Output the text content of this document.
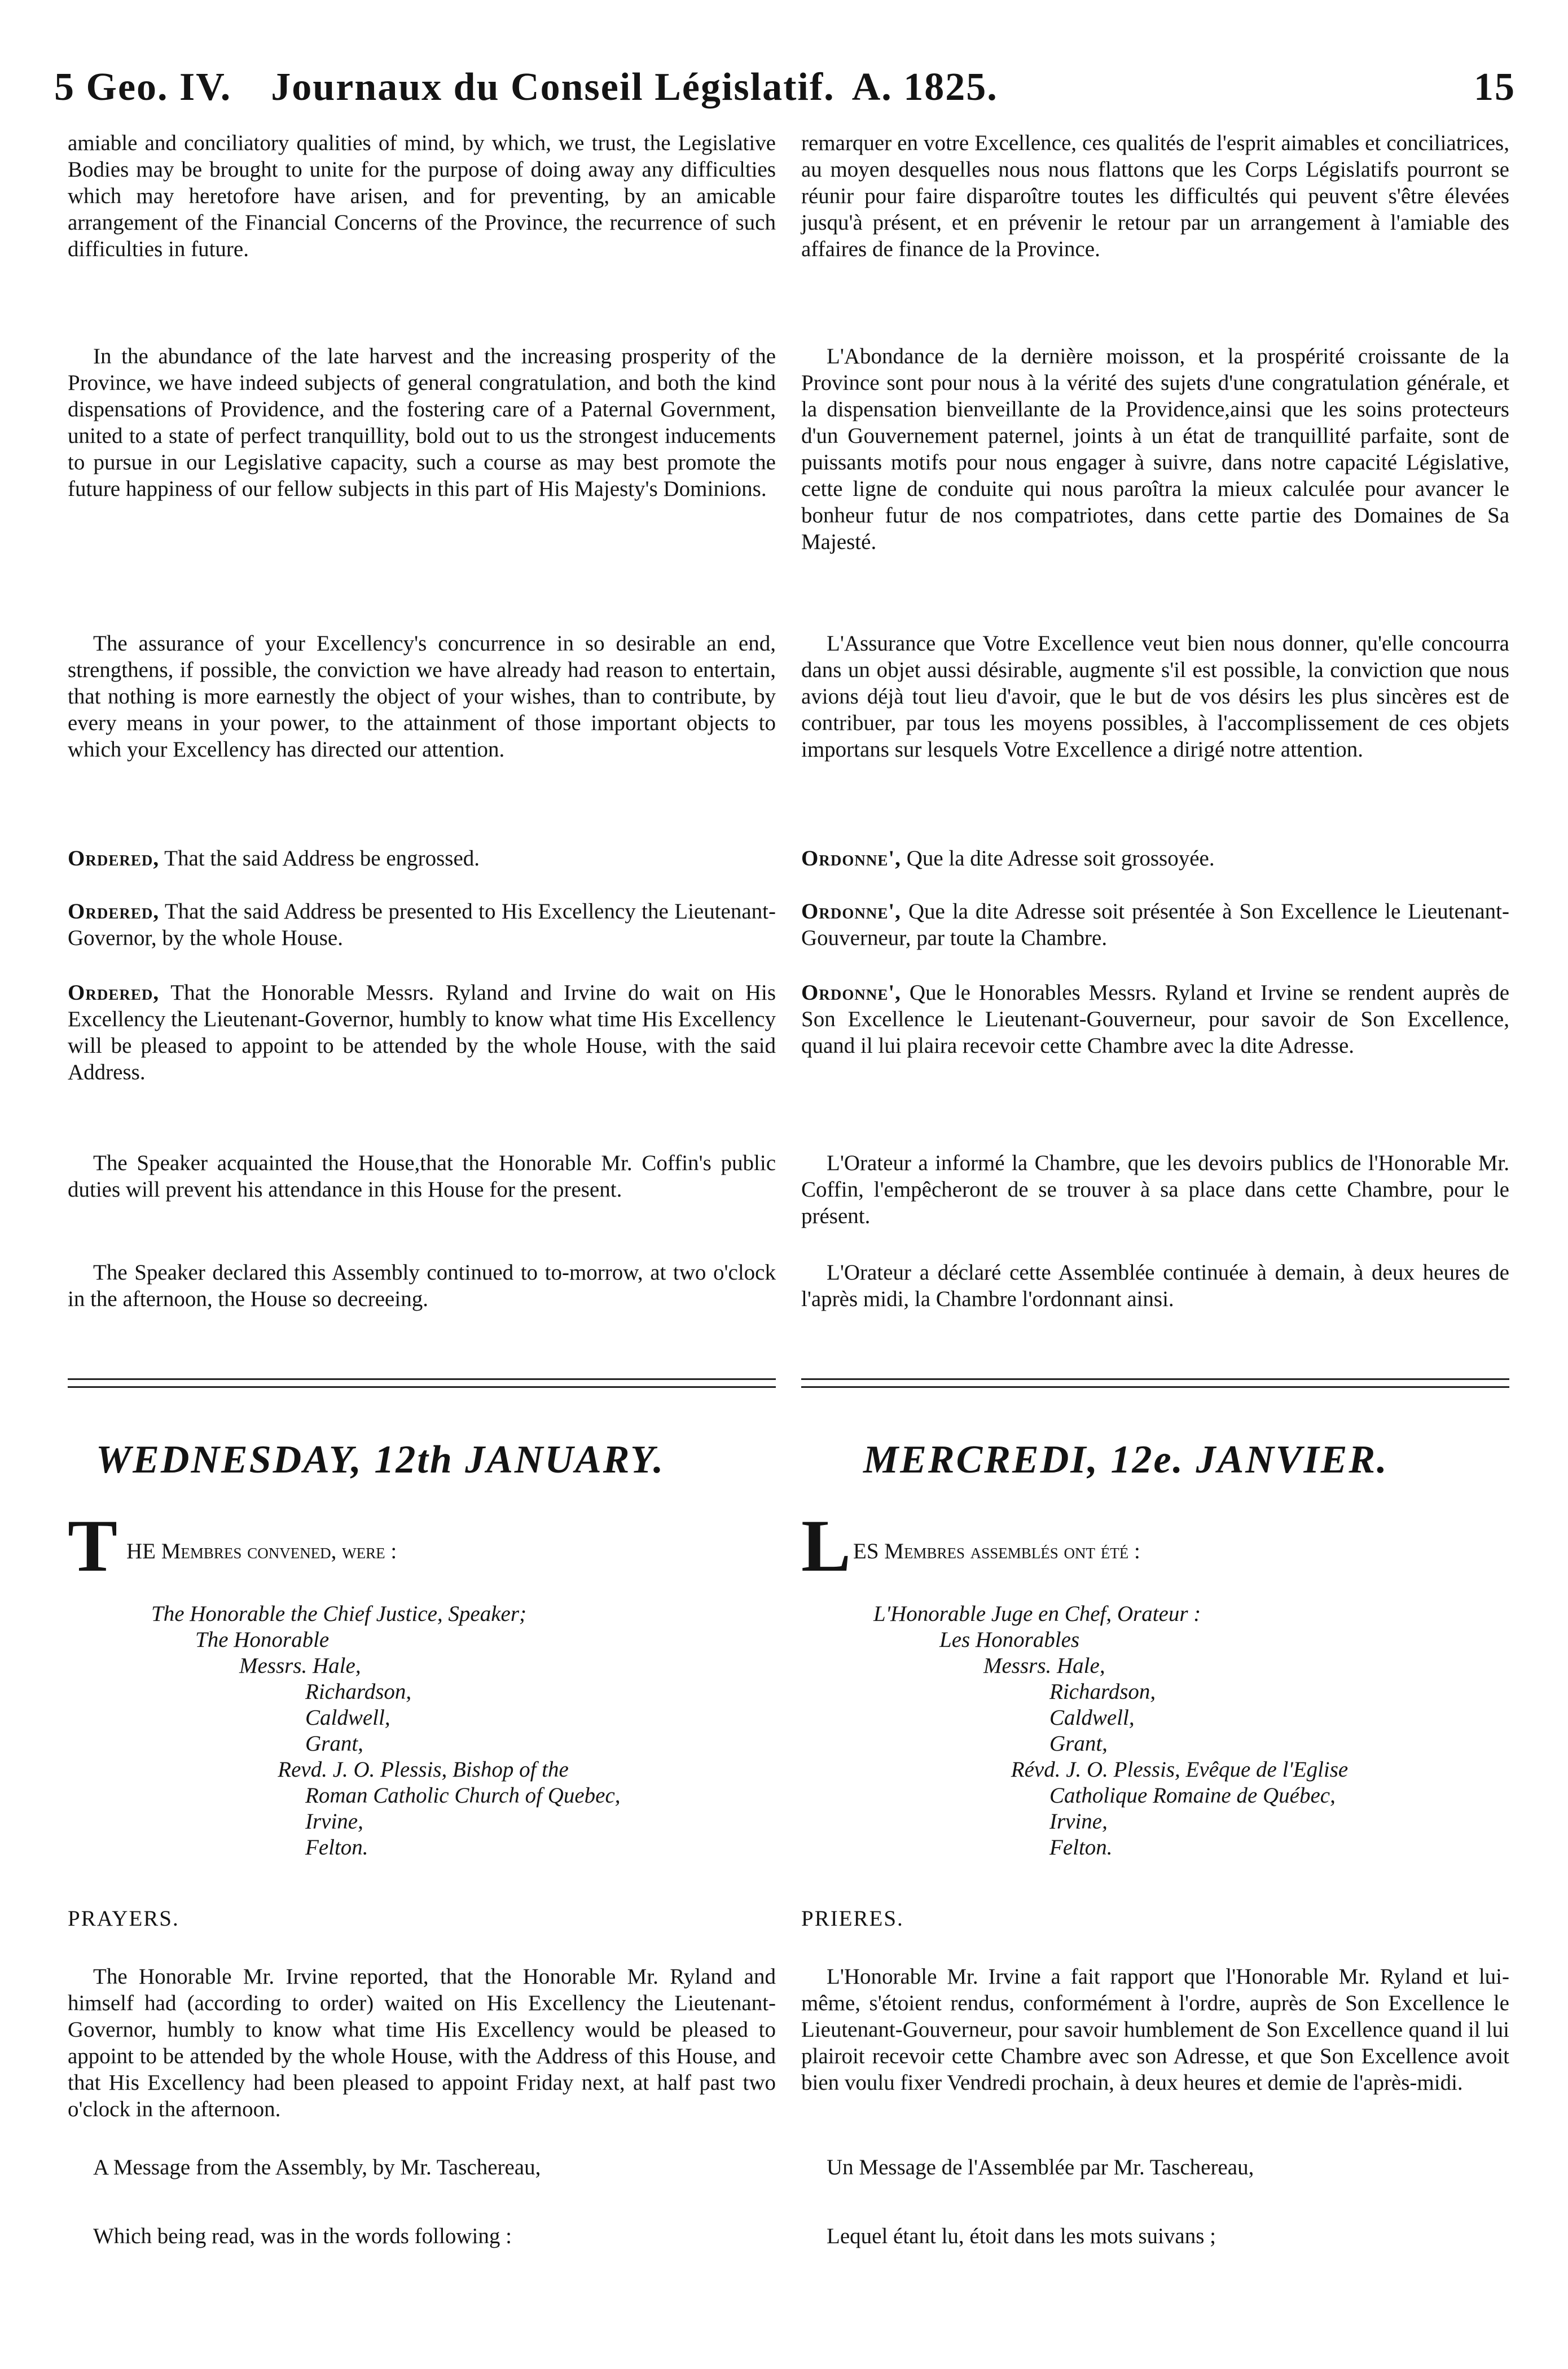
5 Geo. IV. Journaux du Conseil Législatif. A. 1825.	15

amiable and conciliatory qualities of mind, by which, we trust, the Legislative Bodies may be brought to unite for the purpose of doing away any difficulties which may heretofore have arisen, and for preventing, by an amicable arrangement of the Financial Concerns of the Province, the recurrence of such difficulties in future.

In the abundance of the late harvest and the increasing prosperity of the Province, we have indeed subjects of general congratulation, and both the kind dispensations of Providence, and the fostering care of a Paternal Government, united to a state of perfect tranquillity, bold out to us the strongest inducements to pursue in our Legislative capacity, such a course as may best promote the future happiness of our fellow subjects in this part of His Majesty's Dominions.

The assurance of your Excellency's concurrence in so desirable an end, strengthens, if possible, the conviction we have already had reason to entertain, that nothing is more earnestly the object of your wishes, than to contribute, by every means in your power, to the attainment of those important objects to which your Excellency has directed our attention.

Ordered, That the said Address be engrossed.

Ordered, That the said Address be presented to His Excellency the Lieutenant-Governor, by the whole House.

Ordered, That the Honorable Messrs. Ryland and Irvine do wait on His Excellency the Lieutenant-Governor, humbly to know what time His Excellency will be pleased to appoint to be attended by the whole House, with the said Address.

The Speaker acquainted the House,that the Honorable Mr. Coffin's public duties will prevent his attendance in this House for the present.

The Speaker declared this Assembly continued to to-morrow, at two o'clock in the afternoon, the House so decreeing.

WEDNESDAY, 12th JANUARY.
T HE Membres convened, were :
The Honorable the Chief Justice, Speaker;
The Honorable
Messrs. Hale,
Richardson,
Caldwell,
Grant,
Revd. J. O. Plessis, Bishop of the
Roman Catholic Church of Quebec,
Irvine,
Felton.
PRAYERS.

The Honorable Mr. Irvine reported, that the Honorable Mr. Ryland and himself had (according to order) waited on His Excellency the Lieutenant-Governor, humbly to know what time His Excellency would be pleased to appoint to be attended by the whole House, with the Address of this House, and that His Excellency had been pleased to appoint Friday next, at half past two o'clock in the afternoon.

A Message from the Assembly, by Mr. Taschereau,

Which being read, was in the words following :

remarquer en votre Excellence, ces qualités de l'esprit aimables et conciliatrices, au moyen desquelles nous nous flattons que les Corps Législatifs pourront se réunir pour faire disparoître toutes les difficultés qui peuvent s'être élevées jusqu'à présent, et en prévenir le retour par un arrangement à l'amiable des affaires de finance de la Province.

L'Abondance de la dernière moisson, et la prospérité croissante de la Province sont pour nous à la vérité des sujets d'une congratulation générale, et la dispensation bienveillante de la Providence,ainsi que les soins protecteurs d'un Gouvernement paternel, joints à un état de tranquillité parfaite, sont de puissants motifs pour nous engager à suivre, dans notre capacité Législative, cette ligne de conduite qui nous paroîtra la mieux calculée pour avancer le bonheur futur de nos compatriotes, dans cette partie des Domaines de Sa Majesté.

L'Assurance que Votre Excellence veut bien nous donner, qu'elle concourra dans un objet aussi désirable, augmente s'il est possible, la conviction que nous avions déjà tout lieu d'avoir, que le but de vos désirs les plus sincères est de contribuer, par tous les moyens possibles, à l'accomplissement de ces objets importans sur lesquels Votre Excellence a dirigé notre attention.

Ordonne', Que la dite Adresse soit grossoyée.

Ordonne', Que la dite Adresse soit présentée à Son Excellence le Lieutenant-Gouverneur, par toute la Chambre.

Ordonne', Que le Honorables Messrs. Ryland et Irvine se rendent auprès de Son Excellence le Lieutenant-Gouverneur, pour savoir de Son Excellence, quand il lui plaira recevoir cette Chambre avec la dite Adresse.

L'Orateur a informé la Chambre, que les devoirs publics de l'Honorable Mr. Coffin, l'empêcheront de se trouver à sa place dans cette Chambre, pour le présent.

L'Orateur a déclaré cette Assemblée continuée à demain, à deux heures de l'après midi, la Chambre l'ordonnant ainsi.

MERCREDI, 12e. JANVIER.
L ES Membres assemblés ont été :
L'Honorable Juge en Chef, Orateur :
Les Honorables
Messrs. Hale,
Richardson,
Caldwell,
Grant,
Révd. J. O. Plessis, Evêque de l'Eglise
Catholique Romaine de Québec,
Irvine,
Felton.
PRIERES.

L'Honorable Mr. Irvine a fait rapport que l'Honorable Mr. Ryland et lui-même, s'étoient rendus, conformément à l'ordre, auprès de Son Excellence le Lieutenant-Gouverneur, pour savoir humblement de Son Excellence quand il lui plairoit recevoir cette Chambre avec son Adresse, et que Son Excellence avoit bien voulu fixer Vendredi prochain, à deux heures et demie de l'après-midi.

Un Message de l'Assemblée par Mr. Taschereau,

Lequel étant lu, étoit dans les mots suivans ;
